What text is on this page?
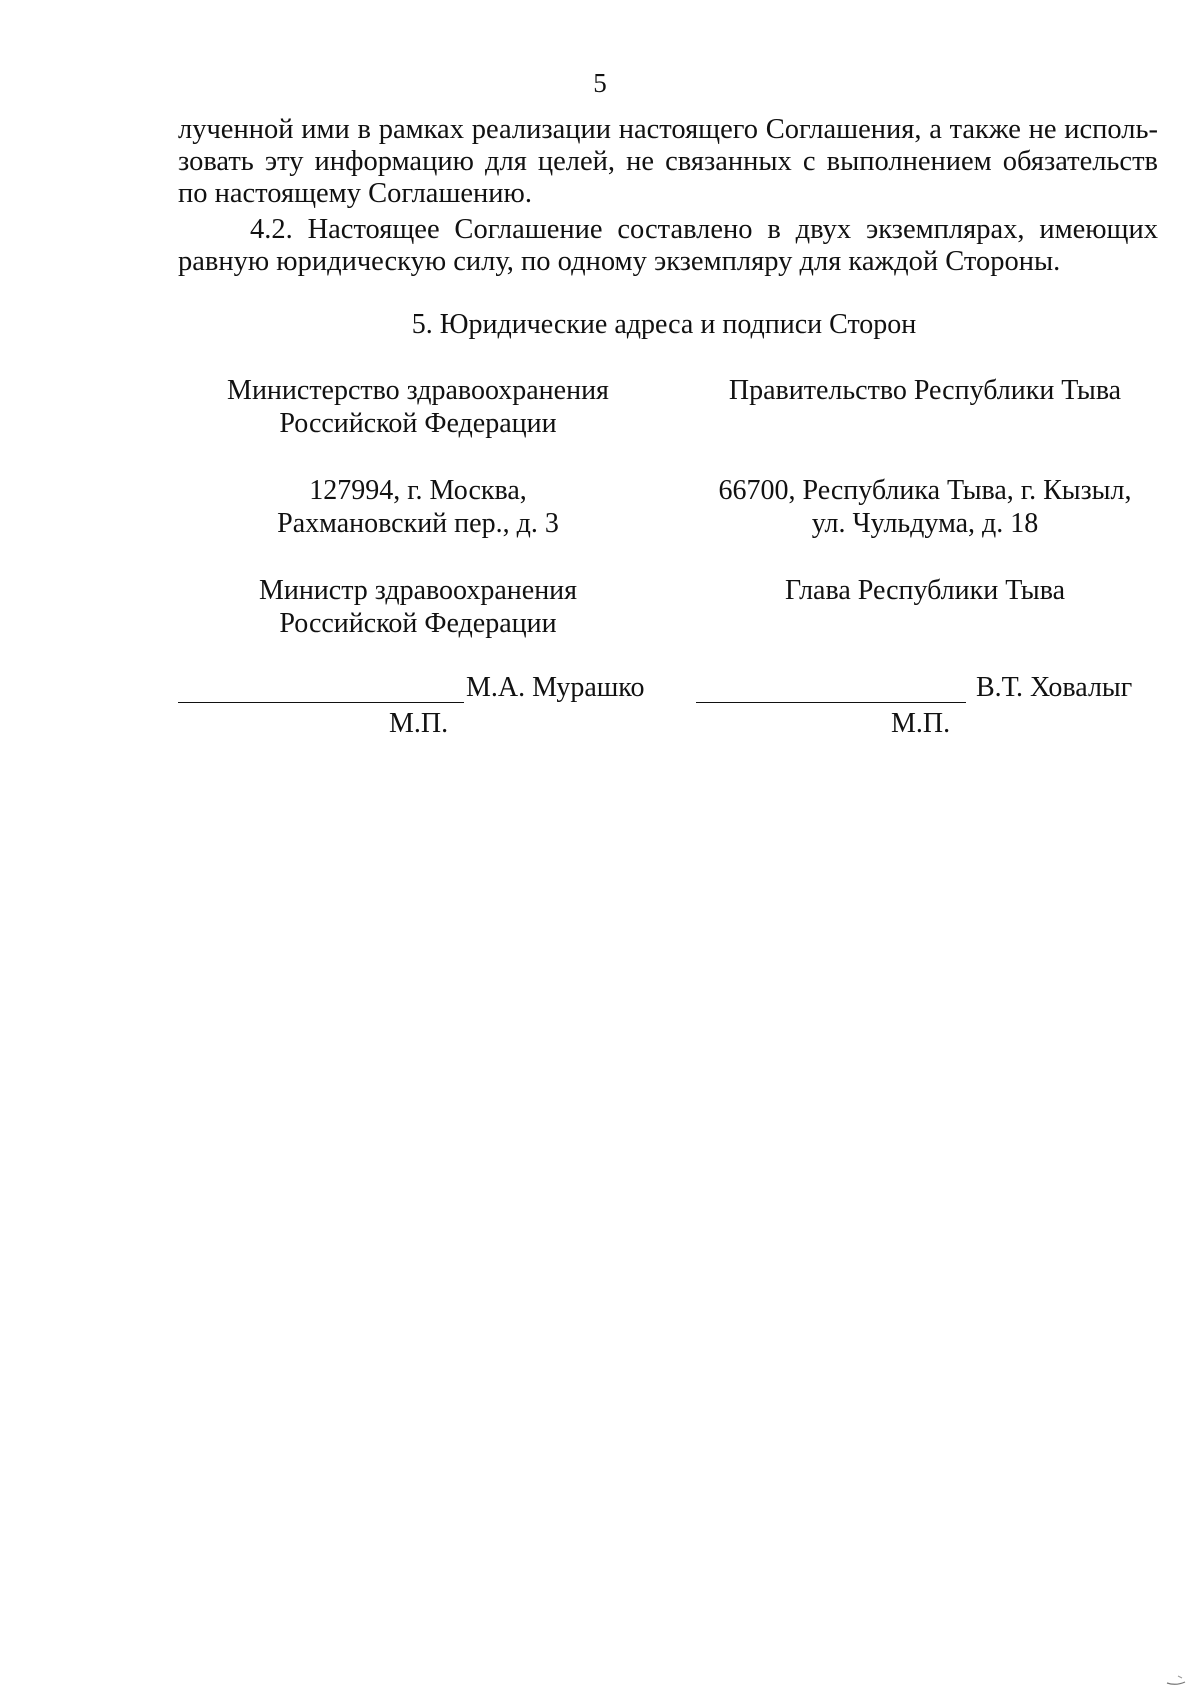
5
лученной ими в рамках реализации настоящего Соглашения, а также не исполь-
зовать эту информацию для целей, не связанных с выполнением обязательств
по настоящему Соглашению.
4.2. Настоящее Соглашение составлено в двух экземплярах, имеющих
равную юридическую силу, по одному экземпляру для каждой Стороны.
5. Юридические адреса и подписи Сторон
Министерство здравоохранения
Российской Федерации
127994, г. Москва,
Рахмановский пер., д. 3
Министр здравоохранения
Российской Федерации
Правительство Республики Тыва
66700, Республика Тыва, г. Кызыл,
ул. Чульдума, д. 18
Глава Республики Тыва
М.А. Мурашко
М.П.
В.Т. Ховалыг
М.П.
